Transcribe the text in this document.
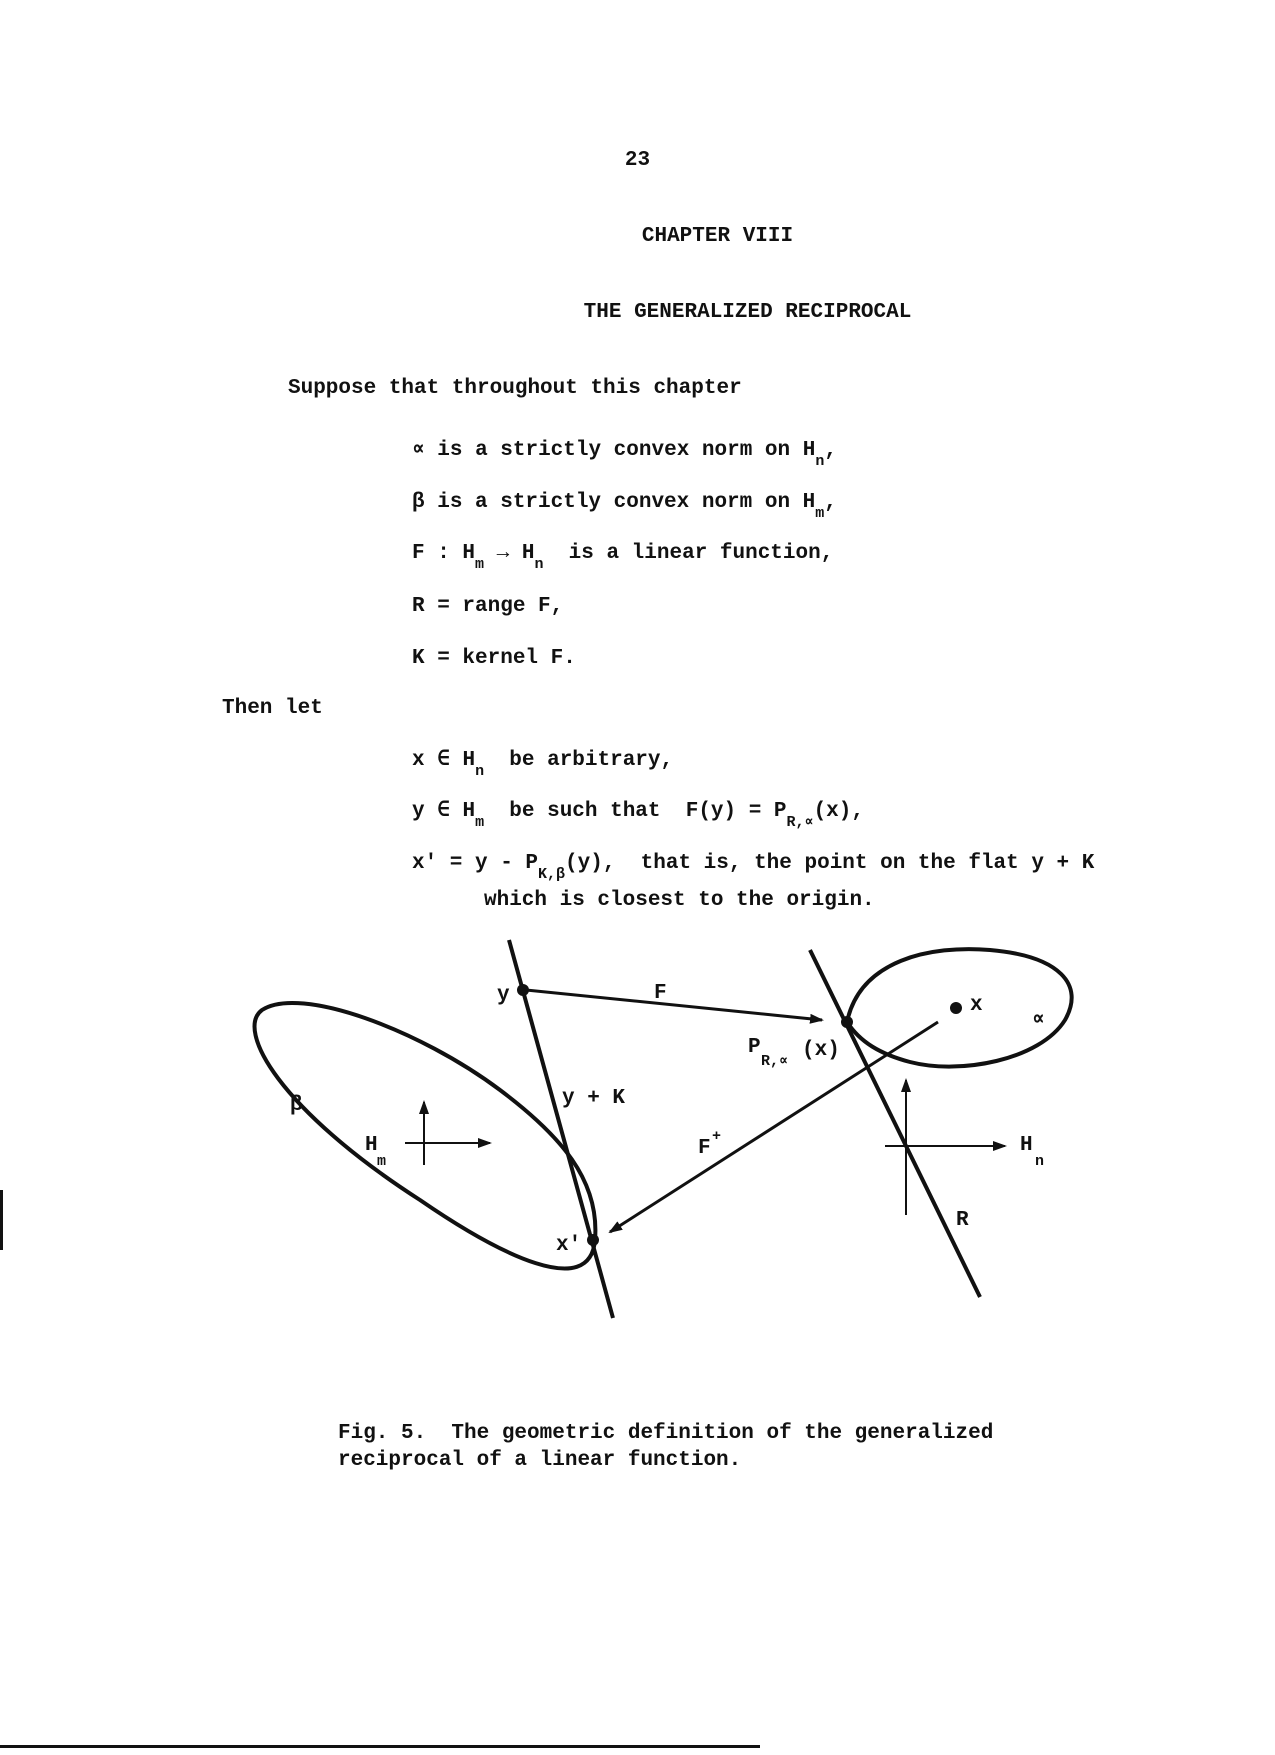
23
CHAPTER VIII
THE GENERALIZED RECIPROCAL
Suppose that throughout this chapter
∝ is a strictly convex norm on $H_n$,
β is a strictly convex norm on $H_m$,
F : $H_m \to H_n$  is a linear function,
R = range F,
K = kernel F.
Then let
x ∈ $H_n$  be arbitrary,
y ∈ $H_m$  be such that  $F(y) = P_{R,\propto}(x)$,
$x' = y - P_{K,\beta}(y)$,  that is, the point on the flat y + K
which is closest to the origin.
y	F
P
R,∝ (x)
x
∝
β
H
m
y + K
F
+	H
n
R
x'
Fig. 5.  The geometric definition of the generalized
reciprocal of a linear function.
